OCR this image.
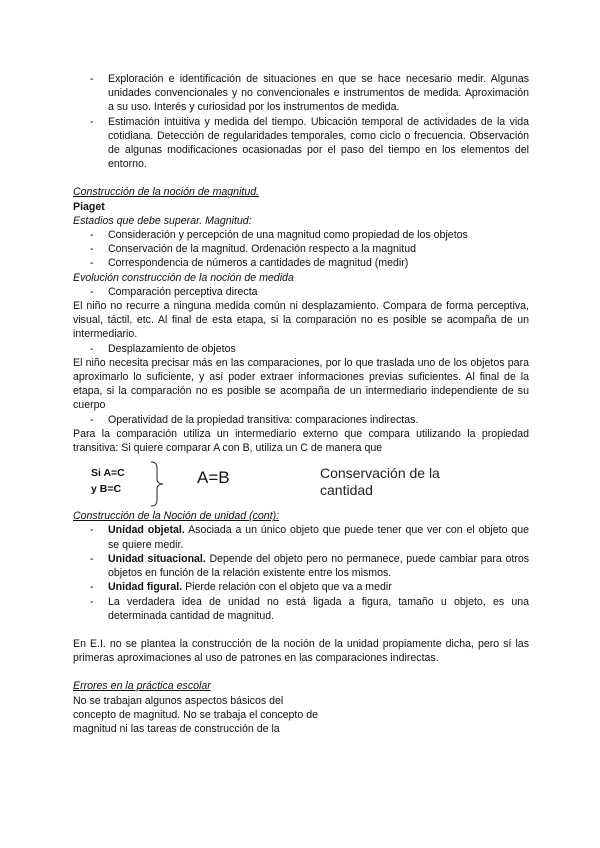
- Exploración e identificación de situaciones en que se hace necesario medir. Algunas unidades convencionales y no convencionales e instrumentos de medida. Aproximación a su uso. Interés y curiosidad por los instrumentos de medida.
- Estimación intuitiva y medida del tiempo. Ubicación temporal de actividades de la vida cotidiana. Detección de regularidades temporales, como ciclo o frecuencia. Observación de algunas modificaciones ocasionadas por el paso del tiempo en los elementos del entorno.

Construcción de la noción de magnitud.

Piaget

Estadios que debe superar. Magnitud:

- Consideración y percepción de una magnitud como propiedad de los objetos
- Conservación de la magnitud. Ordenación respecto a la magnitud
- Correspondencia de números a cantidades de magnitud (medir)

Evolución construcción de la noción de medida

- Comparación perceptiva directa

El niño no recurre a ninguna medida común ni desplazamiento. Compara de forma perceptiva, visual, táctil, etc. Al final de esta etapa, si la comparación no es posible se acompaña de un intermediario.

- Desplazamiento de objetos

El niño necesita precisar más en las comparaciones, por lo que traslada uno de los objetos para aproximarlo lo suficiente, y así poder extraer informaciones previas suficientes. Al final de la etapa, si la comparación no es posible se acompaña de un intermediario independiente de su cuerpo

- Operatividad de la propiedad transitiva: comparaciones indirectas.

Para la comparación utiliza un intermediario externo que compara utilizando la propiedad transitiva: Si quiere comparar A con B, utiliza un C de manera que

Si A=C
y B=C
A=B	Conservación de la
cantidad

Construcción de la Noción de unidad (cont):

- Unidad objetal. Asociada a un único objeto que puede tener que ver con el objeto que se quiere medir.
- Unidad situacional. Depende del objeto pero no permanece, puede cambiar para otros objetos en función de la relación existente entre los mismos.
- Unidad figural. Pierde relación con el objeto que va a medir
- La verdadera idea de unidad no está ligada a figura, tamaño u objeto, es una determinada cantidad de magnitud.

En E.I. no se plantea la construcción de la noción de la unidad propiamente dicha, pero sí las primeras aproximaciones al uso de patrones en las comparaciones indirectas.

Errores en la práctica escolar

No se trabajan algunos aspectos básicos del
concepto de magnitud. No se trabaja el concepto de
magnitud ni las tareas de construcción de la
